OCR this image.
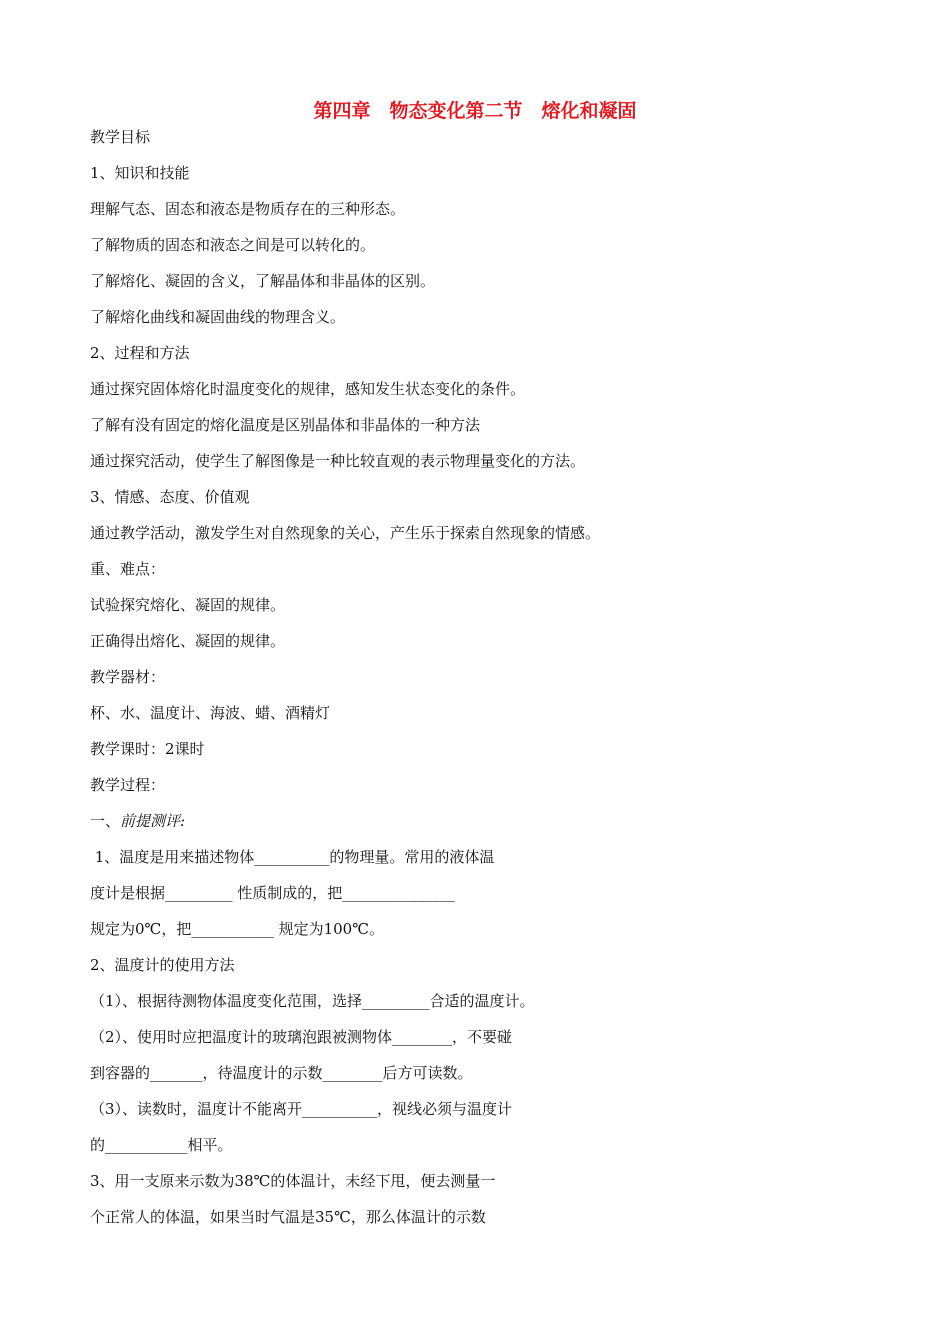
第四章　物态变化第二节　熔化和凝固
教学目标
1、知识和技能
理解气态、固态和液态是物质存在的三种形态。
了解物质的固态和液态之间是可以转化的。
了解熔化、凝固的含义，了解晶体和非晶体的区别。
了解熔化曲线和凝固曲线的物理含义。
2、过程和方法
通过探究固体熔化时温度变化的规律，感知发生状态变化的条件。
了解有没有固定的熔化温度是区别晶体和非晶体的一种方法
通过探究活动，使学生了解图像是一种比较直观的表示物理量变化的方法。
3、情感、态度、价值观
通过教学活动，激发学生对自然现象的关心，产生乐于探索自然现象的情感。
重、难点：
试验探究熔化、凝固的规律。
正确得出熔化、凝固的规律。
教学器材：
杯、水、温度计、海波、蜡、酒精灯
教学课时：2课时
教学过程：
一、前提测评:
1、温度是用来描述物体__________的物理量。常用的液体温
度计是根据_________ 性质制成的，把_______________
规定为0℃，把___________ 规定为100℃。
2、温度计的使用方法
（1）、根据待测物体温度变化范围，选择_________合适的温度计。
（2）、使用时应把温度计的玻璃泡跟被测物体________，不要碰
到容器的_______，待温度计的示数________后方可读数。
（3）、读数时，温度计不能离开__________，视线必须与温度计
的___________相平。
3、用一支原来示数为38℃的体温计，未经下甩，便去测量一
个正常人的体温，如果当时气温是35℃，那么体温计的示数
